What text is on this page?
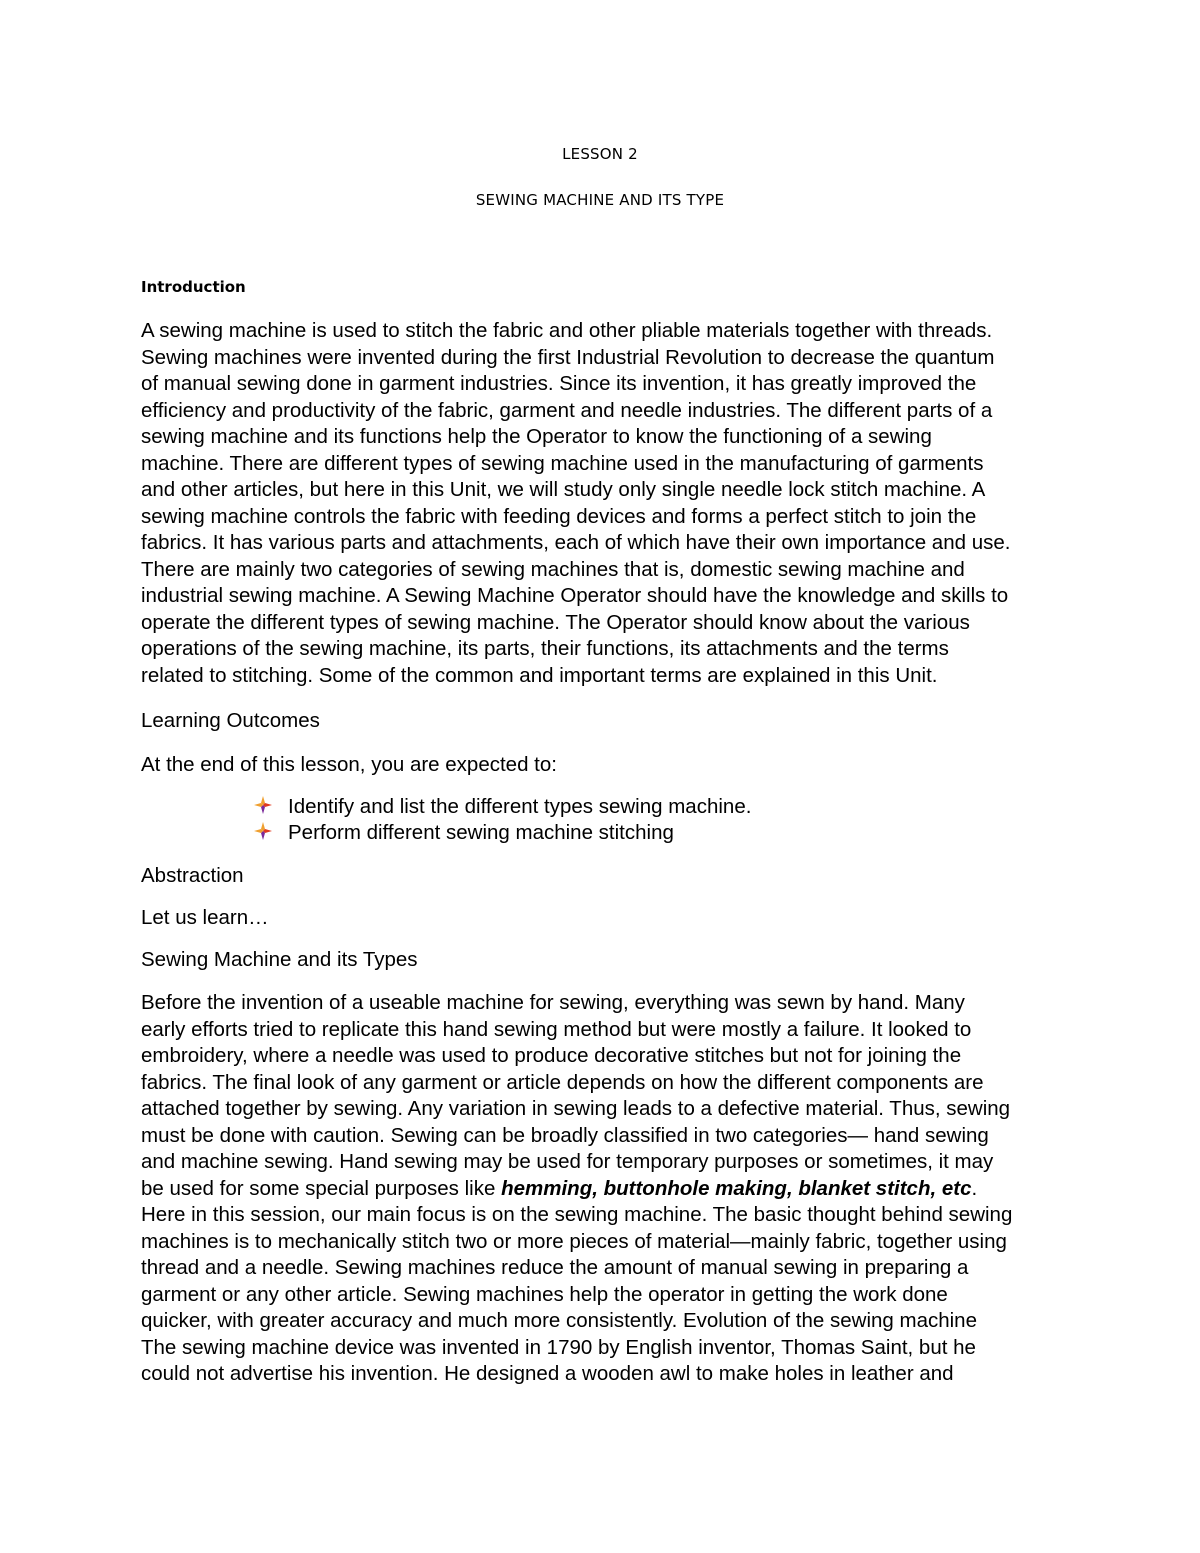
LESSON 2
SEWING MACHINE AND ITS TYPE
Introduction
A sewing machine is used to stitch the fabric and other pliable materials together with threads.
Sewing machines were invented during the first Industrial Revolution to decrease the quantum
of manual sewing done in garment industries. Since its invention, it has greatly improved the
efficiency and productivity of the fabric, garment and needle industries. The different parts of a
sewing machine and its functions help the Operator to know the functioning of a sewing
machine. There are different types of sewing machine used in the manufacturing of garments
and other articles, but here in this Unit, we will study only single needle lock stitch machine. A
sewing machine controls the fabric with feeding devices and forms a perfect stitch to join the
fabrics. It has various parts and attachments, each of which have their own importance and use.
There are mainly two categories of sewing machines that is, domestic sewing machine and
industrial sewing machine. A Sewing Machine Operator should have the knowledge and skills to
operate the different types of sewing machine. The Operator should know about the various
operations of the sewing machine, its parts, their functions, its attachments and the terms
related to stitching. Some of the common and important terms are explained in this Unit.
Learning Outcomes
At the end of this lesson, you are expected to:
Identify and list the different types sewing machine.
Perform different sewing machine stitching
Abstraction
Let us learn…
Sewing Machine and its Types
Before the invention of a useable machine for sewing, everything was sewn by hand. Many
early efforts tried to replicate this hand sewing method but were mostly a failure. It looked to
embroidery, where a needle was used to produce decorative stitches but not for joining the
fabrics. The final look of any garment or article depends on how the different components are
attached together by sewing. Any variation in sewing leads to a defective material. Thus, sewing
must be done with caution. Sewing can be broadly classified in two categories— hand sewing
and machine sewing. Hand sewing may be used for temporary purposes or sometimes, it may
be used for some special purposes like hemming, buttonhole making, blanket stitch, etc.
Here in this session, our main focus is on the sewing machine. The basic thought behind sewing
machines is to mechanically stitch two or more pieces of material—mainly fabric, together using
thread and a needle. Sewing machines reduce the amount of manual sewing in preparing a
garment or any other article. Sewing machines help the operator in getting the work done
quicker, with greater accuracy and much more consistently. Evolution of the sewing machine
The sewing machine device was invented in 1790 by English inventor, Thomas Saint, but he
could not advertise his invention. He designed a wooden awl to make holes in leather and
